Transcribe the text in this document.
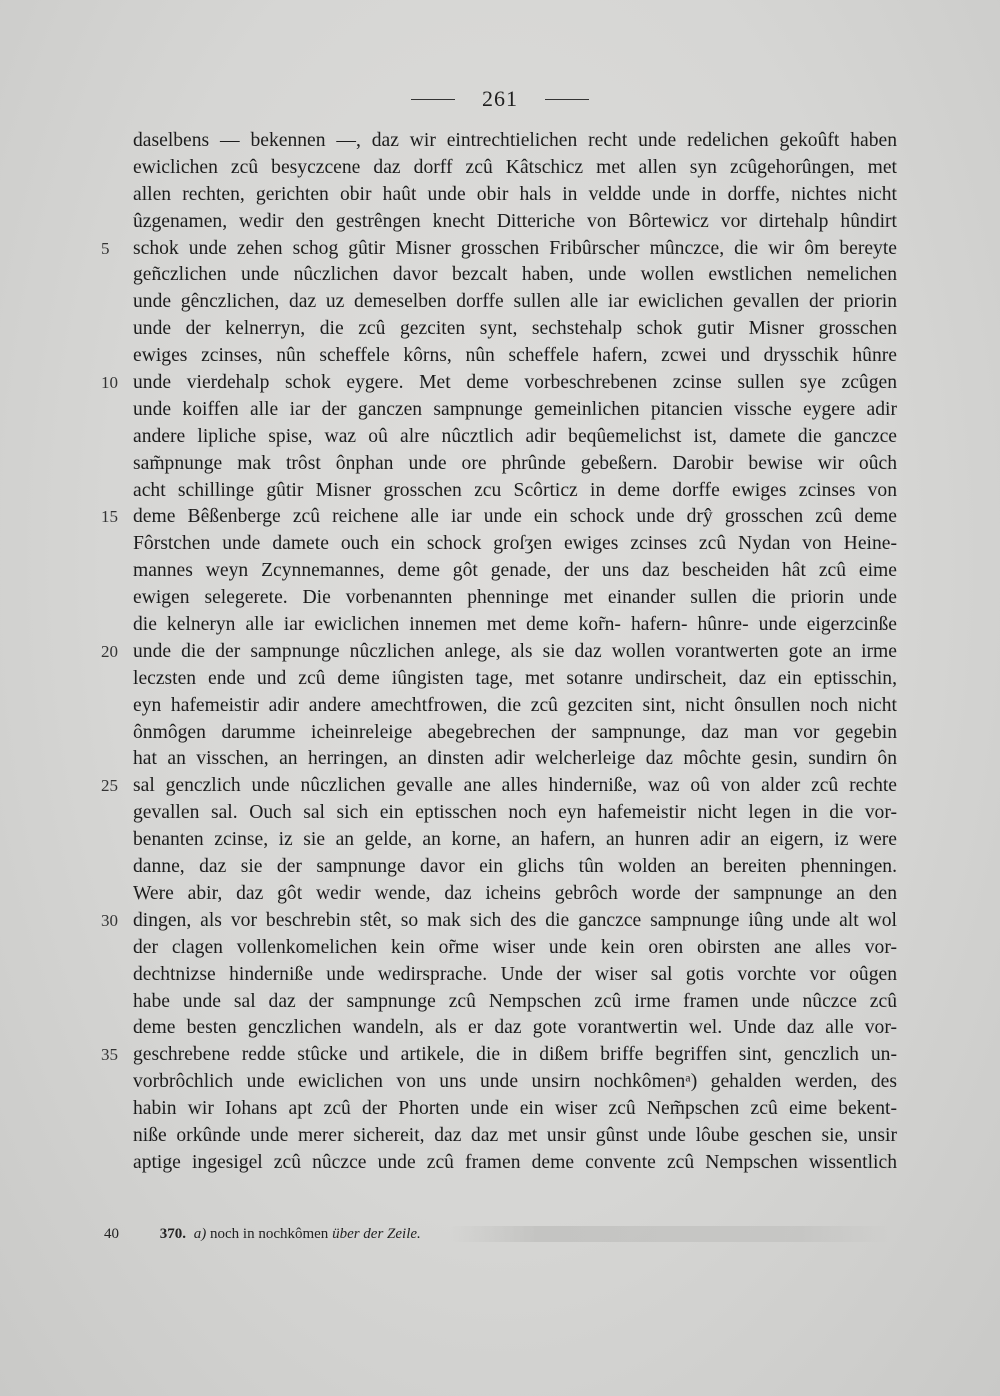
261
daselbens — bekennen —, daz wir eintrechtielichen recht unde redelichen gekoûft haben
ewiclichen zcû besyczcene daz dorff zcû Kâtschicz met allen syn zcûgehorûngen, met
allen rechten, gerichten obir haût unde obir hals in veldde unde in dorffe, nichtes nicht
ûzgenamen, wedir den gestrêngen knecht Ditteriche von Bôrtewicz vor dirtehalp hûndirt
5	schok unde zehen schog gûtir Misner grosschen Fribûrscher mûnczce, die wir ôm bereyte
geñczlichen unde nûczlichen davor bezcalt haben, unde wollen ewstlichen nemelichen
unde gênczlichen, daz uz demeselben dorffe sullen alle iar ewiclichen gevallen der priorin
unde der kelnerryn, die zcû gezciten synt, sechstehalp schok gutir Misner grosschen
ewiges zcinses, nûn scheffele kôrns, nûn scheffele hafern, zcwei und drysschik hûnre
10 unde vierdehalp schok eygere. Met deme vorbeschrebenen zcinse sullen sye zcûgen
unde koiffen alle iar der ganczen sampnunge gemeinlichen pitancien vissche eygere adir
andere lipliche spise, waz oû alre nûcztlich adir beqûemelichst ist, damete die ganczce
sam̃pnunge mak trôst ônphan unde ore phrûnde gebeßern. Darobir bewise wir oûch
acht schillinge gûtir Misner grosschen zcu Scôrticz in deme dorffe ewiges zcinses von
15 deme Bêßenberge zcû reichene alle iar unde ein schock unde drŷ grosschen zcû deme
Fôrstchen unde damete ouch ein schock groſʒen ewiges zcinses zcû Nydan von Heine-
mannes weyn Zcynnemannes, deme gôt genade, der uns daz bescheiden hât zcû eime
ewigen selegerete. Die vorbenannten phenninge met einander sullen die priorin unde
die kelneryn alle iar ewiclichen innemen met deme kor̃n- hafern- hûnre- unde eigerzcinße
20 unde die der sampnunge nûczlichen anlege, als sie daz wollen vorantwerten gote an irme
leczsten ende und zcû deme iûngisten tage, met sotanre undirscheit, daz ein eptisschin,
eyn hafemeistir adir andere amechtfrowen, die zcû gezciten sint, nicht ônsullen noch nicht
ônmôgen darumme icheinreleige abegebrechen der sampnunge, daz man vor gegebin
hat an visschen, an herringen, an dinsten adir welcherleige daz môchte gesin, sundirn ôn
25 sal genczlich unde nûczlichen gevalle ane alles hinderniße, waz oû von alder zcû rechte
gevallen sal. Ouch sal sich ein eptisschen noch eyn hafemeistir nicht legen in die vor-
benanten zcinse, iz sie an gelde, an korne, an hafern, an hunren adir an eigern, iz were
danne, daz sie der sampnunge davor ein glichs tûn wolden an bereiten phenningen.
Were abir, daz gôt wedir wende, daz icheins gebrôch worde der sampnunge an den
30 dingen, als vor beschrebin stêt, so mak sich des die ganczce sampnunge iûng unde alt wol
der clagen vollenkomelichen kein or̃me wiser unde kein oren obirsten ane alles vor-
dechtnizse hinderniße unde wedirsprache. Unde der wiser sal gotis vorchte vor oûgen
habe unde sal daz der sampnunge zcû Nempschen zcû irme framen unde nûczce zcû
deme besten genczlichen wandeln, als er daz gote vorantwertin wel. Unde daz alle vor-
35 geschrebene redde stûcke und artikele, die in dißem briffe begriffen sint, genczlich un-
vorbrôchlich unde ewiclichen von uns unde unsirn nochkômenᵃ) gehalden werden, des
habin wir Iohans apt zcû der Phorten unde ein wiser zcû Nem̃pschen zcû eime bekent-
niße orkûnde unde merer sichereit, daz daz met unsir gûnst unde lôube geschen sie, unsir
aptige ingesigel zcû nûczce unde zcû framen deme convente zcû Nempschen wissentlich
40	370. a) noch in nochkômen über der Zeile.
